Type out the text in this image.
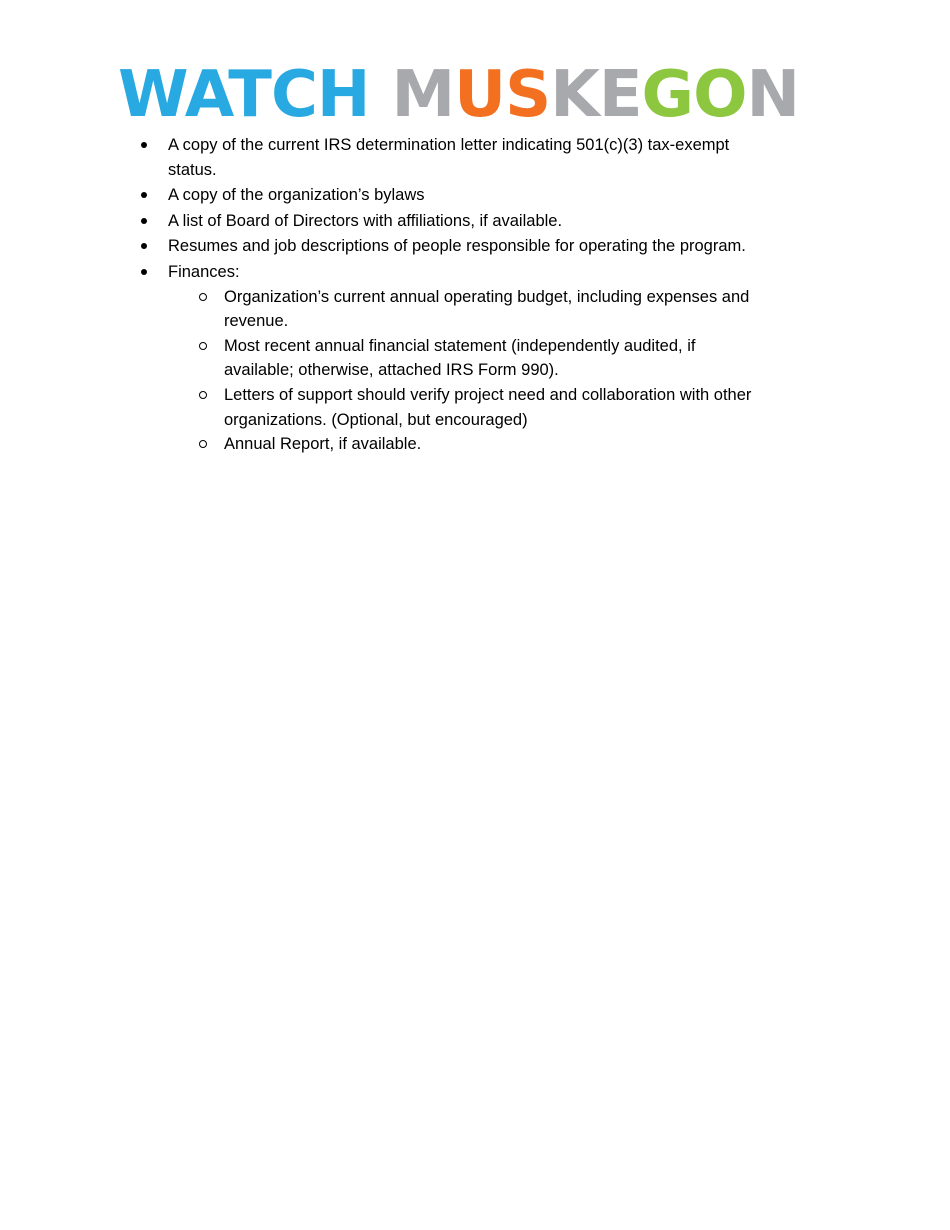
WATCH MUSKEGON
A copy of the current IRS determination letter indicating 501(c)(3) tax-exempt status.
A copy of the organization’s bylaws
A list of Board of Directors with affiliations, if available.
Resumes and job descriptions of people responsible for operating the program.
Finances:
Organization’s current annual operating budget, including expenses and revenue.
Most recent annual financial statement (independently audited, if available; otherwise, attached IRS Form 990).
Letters of support should verify project need and collaboration with other organizations. (Optional, but encouraged)
Annual Report, if available.
